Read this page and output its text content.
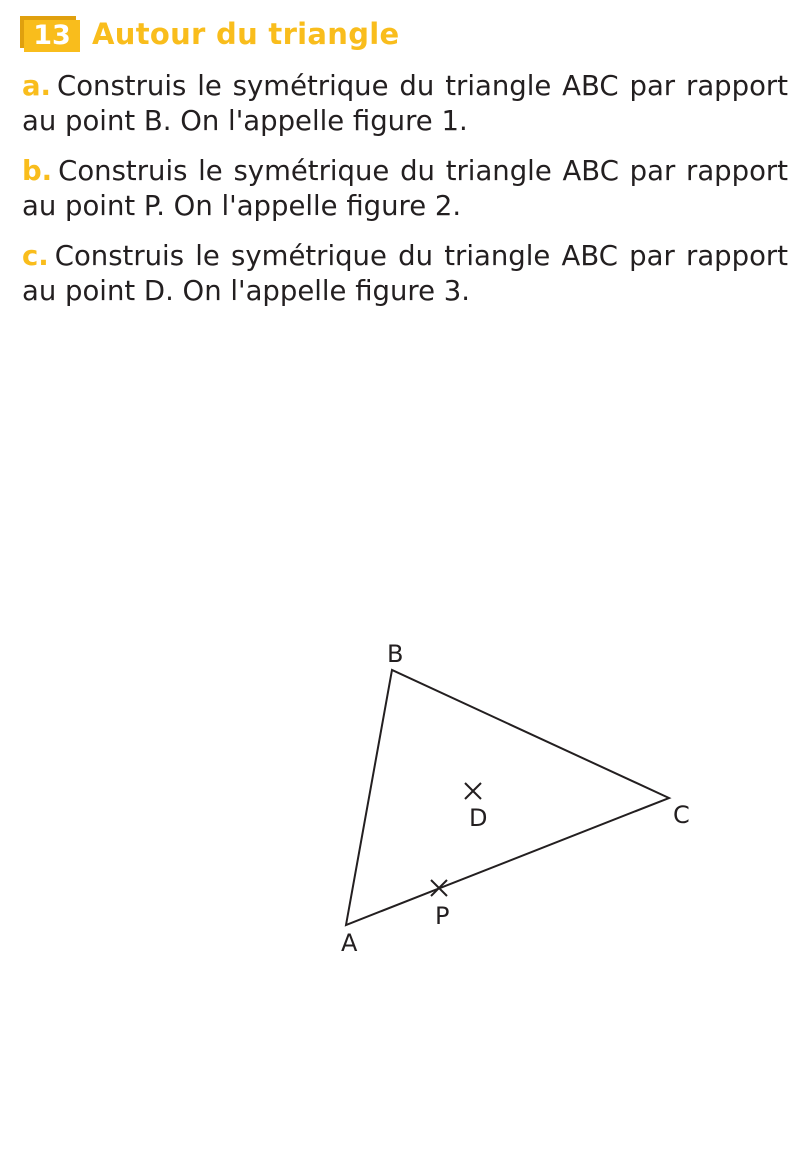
13 Autour du triangle
a. Construis le symétrique du triangle ABC par rapport au point B. On l'appelle figure 1.
b. Construis le symétrique du triangle ABC par rapport au point P. On l'appelle figure 2.
c. Construis le symétrique du triangle ABC par rapport au point D. On l'appelle figure 3.
B
C
D
P
A
